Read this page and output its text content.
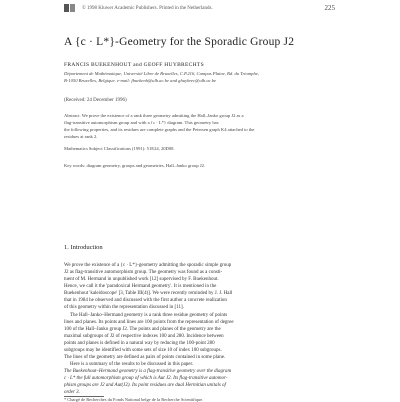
© 1998 Kluwer Academic Publishers. Printed in the Netherlands.	225
A {c · L*}-Geometry for the Sporadic Group J2
FRANCIS BUEKENHOUT and GEOFF HUYBRECHTS
Département de Mathématique, Université Libre de Bruxelles, C.P.216, Campus Plaine, Bd. du Triomphe,
B-1050 Bruxelles, Belgique. e-mail: fbuekenh@ulb.ac.be and ghuybrec@ulb.ac.be
(Received: 24 December 1996)
Abstract. We prove the existence of a rank three geometry admitting the Hall–Janko group J2 as a
flag-transitive automorphism group and with a {c · L*} diagram. This geometry has
the following properties, and its residues are complete graphs and the Petersen graph K4 attached to the
residues at rank 2.
Mathematics Subject Classifications (1991): 51E24, 20D08.
Key words: diagram geometry, groups and geometries, Hall–Janko group J2.
1. Introduction
We prove the existence of a {c · L*}-geometry admitting the sporadic simple group
J2 as flag-transitive automorphism group. The geometry was found as a consti-
tuent of M. Hermand in unpublished work [12] supervised by F. Buekenhout.
Hence, we call it the 'paradoxical Hermand geometry'. It is mentioned in the
Buekenhout 'kaleidoscope' [3, Table III(4)]. We were recently reminded by J. J. Hall
that in 1984 he observed and discussed with the first author a concrete realization
of this geometry within the representation discussed in [11].
The Hall–Janko–Hermand geometry is a rank three residue geometry of points
lines and planes. Its points and lines are 100 points from the representation of degree
100 of the Hall–Janko group J2. The points and planes of the geometry are the
maximal subgroups of J2 of respective indexes 100 and 280. Incidence between
points and planes is defined in a natural way by reducing the 100-point 280
subgroups may be identified with some sets of size 10 of index 100 subgroups.
The lines of the geometry are defined as pairs of points contained in some plane.
Here is a summary of the results to be discussed in this paper.
The Buekenhout–Hermand geometry is a flag-transitive geometry over the diagram
c · L* the full automorphism group of which is Aut J2. Its flag-transitive automor-
phism groups are J2 and Aut(J2). Its point residues are dual Hermitian unitals of
order 3.
* Chargé de Recherches du Fonds National belge de la Recherche Scientifique.
